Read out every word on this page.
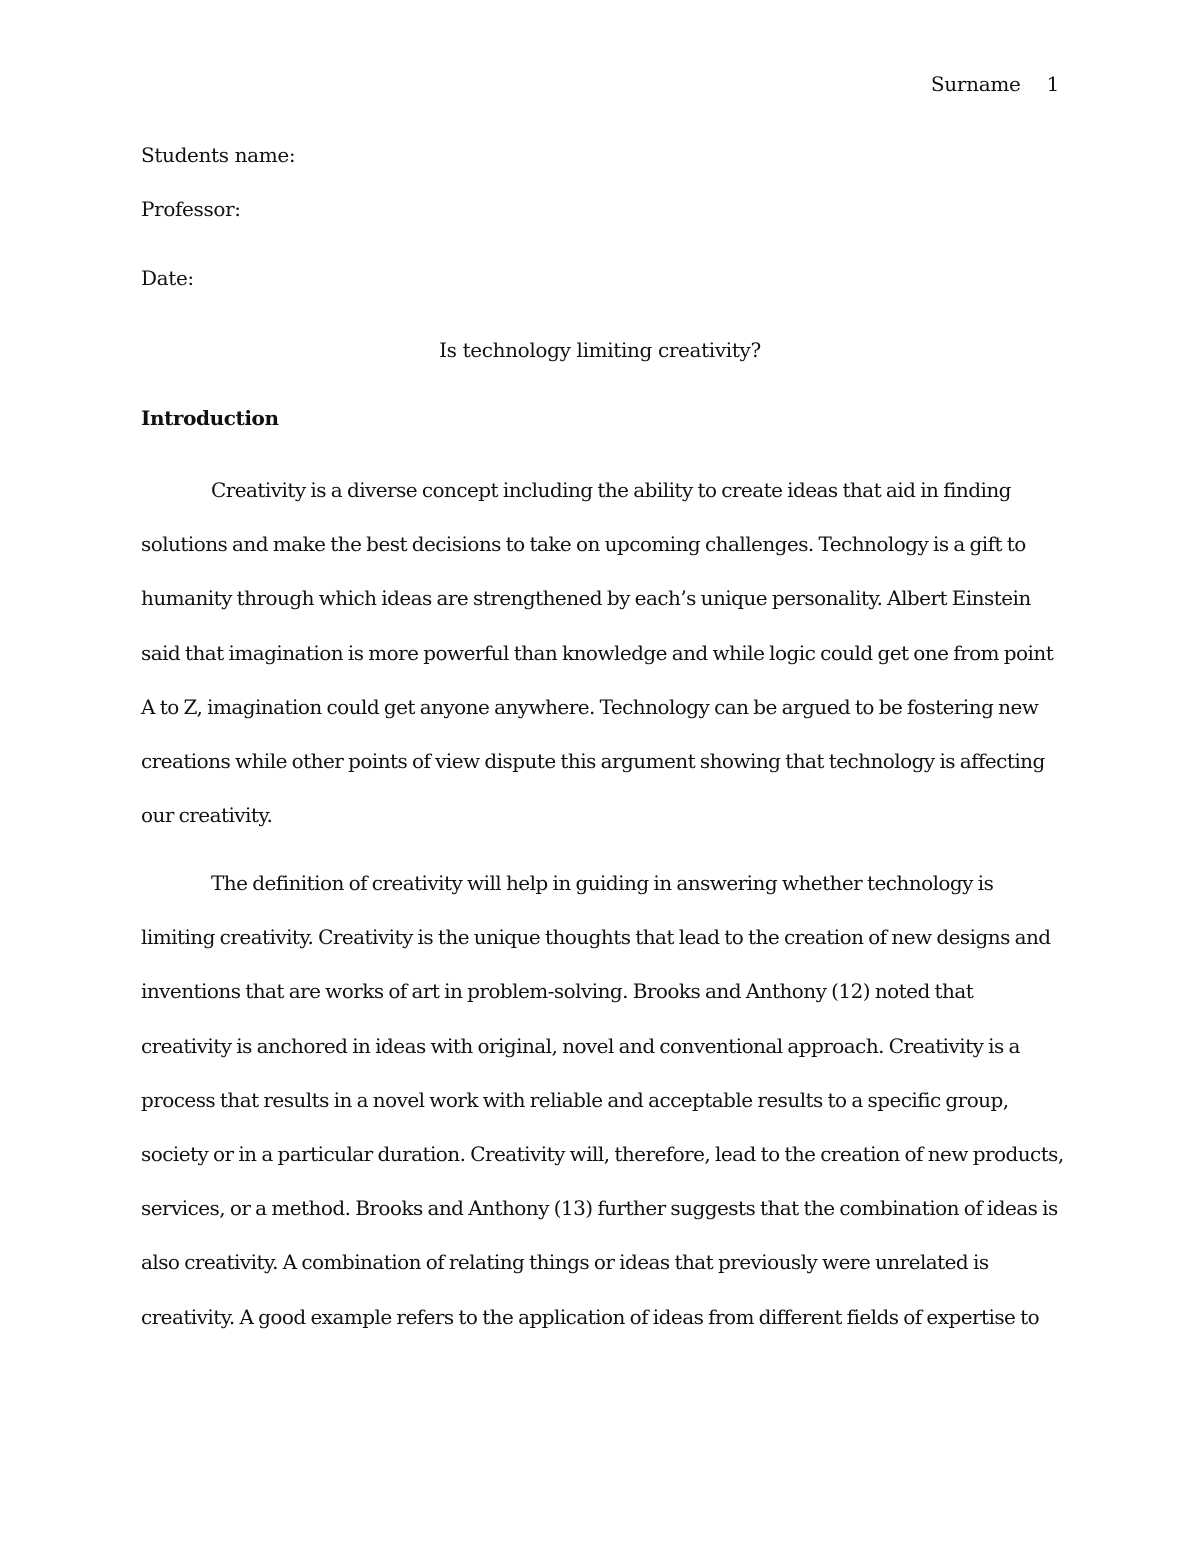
Surname 1
Students name:
Professor:
Date:
Is technology limiting creativity?
Introduction
Creativity is a diverse concept including the ability to create ideas that aid in finding
solutions and make the best decisions to take on upcoming challenges. Technology is a gift to
humanity through which ideas are strengthened by each’s unique personality. Albert Einstein
said that imagination is more powerful than knowledge and while logic could get one from point
A to Z, imagination could get anyone anywhere. Technology can be argued to be fostering new
creations while other points of view dispute this argument showing that technology is affecting
our creativity.
The definition of creativity will help in guiding in answering whether technology is
limiting creativity. Creativity is the unique thoughts that lead to the creation of new designs and
inventions that are works of art in problem-solving. Brooks and Anthony (12) noted that
creativity is anchored in ideas with original, novel and conventional approach. Creativity is a
process that results in a novel work with reliable and acceptable results to a specific group,
society or in a particular duration. Creativity will, therefore, lead to the creation of new products,
services, or a method. Brooks and Anthony (13) further suggests that the combination of ideas is
also creativity. A combination of relating things or ideas that previously were unrelated is
creativity. A good example refers to the application of ideas from different fields of expertise to
